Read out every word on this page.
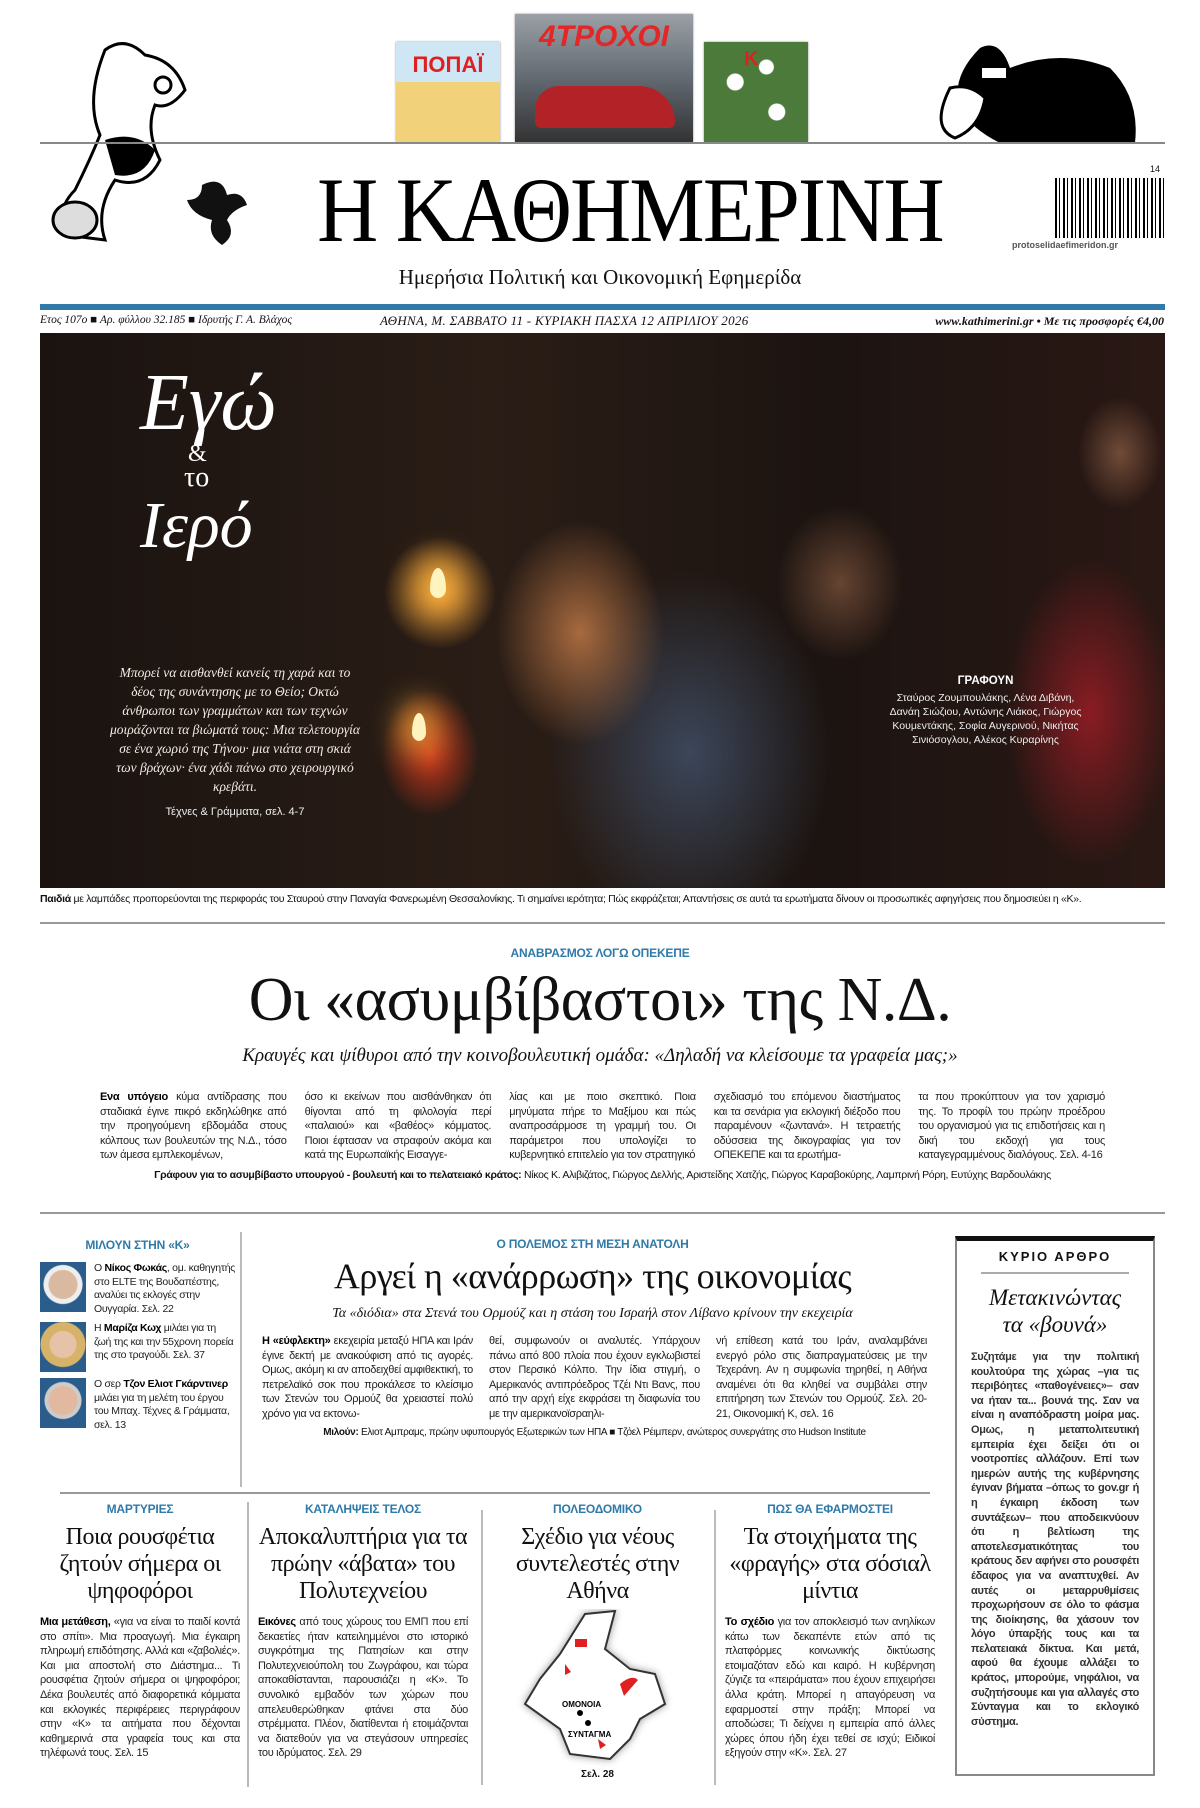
ΠΟΠΑΪ
4ΤΡΟΧΟΙ
Κ
Η ΚΑΘΗΜΕΡΙΝΗ	14
protoselidaefimeridon.gr
Ημερήσια Πολιτική και Οικονομική Εφημερίδα
Ετος 107ο ■ Αρ. φύλλου 32.185 ■ Ιδρυτής Γ. Α. Βλάχος	ΑΘΗΝΑ, Μ. ΣΑΒΒΑΤΟ 11 - ΚΥΡΙΑΚΗ ΠΑΣΧΑ 12 ΑΠΡΙΛΙΟΥ 2026	www.kathimerini.gr • Με τις προσφορές €4,00
Εγώ
&
το
Ιερό
Μπορεί να αισθανθεί κανείς τη χαρά και το δέος της συνάντησης με το Θείο; Οκτώ άνθρωποι των γραμμάτων και των τεχνών μοιράζονται τα βιώματά τους: Μια τελετουργία σε ένα χωριό της Τήνου· μια νιάτα στη σκιά των βράχων· ένα χάδι πάνω στο χειρουργικό κρεβάτι.
Τέχνες & Γράμματα, σελ. 4-7
ΓΡΑΦΟΥΝ
Σταύρος Ζουμπουλάκης, Λένα Διβάνη, Δανάη Σιώζιου, Αντώνης Λιάκος, Γιώργος Κουμεντάκης, Σοφία Αυγερινού, Νικήτας Σινιόσογλου, Αλέκος Κυραρίνης
Παιδιά με λαμπάδες προπορεύονται της περιφοράς του Σταυρού στην Παναγία Φανερωμένη Θεσσαλονίκης. Τι σημαίνει ιερότητα; Πώς εκφράζεται; Απαντήσεις σε αυτά τα ερωτήματα δίνουν οι προσωπικές αφηγήσεις που δημοσιεύει η «Κ».
ΑΝΑΒΡΑΣΜΟΣ ΛΟΓΩ ΟΠΕΚΕΠΕ
Οι «ασυμβίβαστοι» της Ν.Δ.
Κραυγές και ψίθυροι από την κοινοβουλευτική ομάδα: «Δηλαδή να κλείσουμε τα γραφεία μας;»
Ενα υπόγειο κύμα αντίδρασης που σταδιακά έγινε πικρό εκδηλώθηκε από την προηγούμενη εβδομάδα στους κόλπους των βουλευτών της Ν.Δ., τόσο των άμεσα εμπλεκομένων,
όσο κι εκείνων που αισθάνθηκαν ότι θίγονται από τη φιλολογία περί «παλαιού» και «βαθέος» κόμματος. Ποιοι έφτασαν να στραφούν ακόμα και κατά της Ευρωπαϊκής Εισαγγε-
λίας και με ποιο σκεπτικό. Ποια μηνύματα πήρε το Μαξίμου και πώς αναπροσάρμοσε τη γραμμή του. Οι παράμετροι που υπολογίζει το κυβερνητικό επιτελείο για τον στρατηγικό
σχεδιασμό του επόμενου διαστήματος και τα σενάρια για εκλογική διέξοδο που παραμένουν «ζωντανά». Η τετραετής οδύσσεια της δικογραφίας για τον ΟΠΕΚΕΠΕ και τα ερωτήμα-
τα που προκύπτουν για τον χαρισμό της. Το προφίλ του πρώην προέδρου του οργανισμού για τις επιδοτήσεις και η δική του εκδοχή για τους καταγεγραμμένους διαλόγους. Σελ. 4-16
Γράφουν για το ασυμβίβαστο υπουργού - βουλευτή και το πελατειακό κράτος: Νίκος Κ. Αλιβιζάτος, Γιώργος Δελλής, Αριστείδης Χατζής, Γιώργος Καραβοκύρης, Λαμπρινή Ρόρη, Ευτύχης Βαρδουλάκης
ΜΙΛΟΥΝ ΣΤΗΝ «Κ»
Ο Νίκος Φωκάς, ομ. καθηγητής στο ELTE της Βουδαπέστης, αναλύει τις εκλογές στην Ουγγαρία. Σελ. 22
Η Μαρίζα Κωχ μιλάει για τη ζωή της και την 55χρονη πορεία της στο τραγούδι. Σελ. 37
Ο σερ Τζον Ελιοτ Γκάρντινερ μιλάει για τη μελέτη του έργου του Μπαχ. Τέχνες & Γράμματα, σελ. 13
Ο ΠΟΛΕΜΟΣ ΣΤΗ ΜΕΣΗ ΑΝΑΤΟΛΗ
Αργεί η «ανάρρωση» της οικονομίας
Τα «διόδια» στα Στενά του Ορμούζ και η στάση του Ισραήλ στον Λίβανο κρίνουν την εκεχειρία
Η «εύφλεκτη» εκεχειρία μεταξύ ΗΠΑ και Ιράν έγινε δεκτή με ανακούφιση από τις αγορές. Ομως, ακόμη κι αν αποδειχθεί αμφιθεκτική, το πετρελαϊκό σοκ που προκάλεσε το κλείσιμο των Στενών του Ορμούζ θα χρειαστεί πολύ χρόνο για να εκτονω-
θεί, συμφωνούν οι αναλυτές. Υπάρχουν πάνω από 800 πλοία που έχουν εγκλωβιστεί στον Περσικό Κόλπο. Την ίδια στιγμή, ο Αμερικανός αντιπρόεδρος Τζέι Ντι Βανς, που από την αρχή είχε εκφράσει τη διαφωνία του με την αμερικανοϊσραηλι-
νή επίθεση κατά του Ιράν, αναλαμβάνει ενεργό ρόλο στις διαπραγματεύσεις με την Τεχεράνη. Αν η συμφωνία τηρηθεί, η Αθήνα αναμένει ότι θα κληθεί να συμβάλει στην επιτήρηση των Στενών του Ορμούζ. Σελ. 20-21, Οικονομική Κ, σελ. 16
Μιλούν: Ελιοτ Αμπραμς, πρώην υφυπουργός Εξωτερικών των ΗΠΑ ■ Τζόελ Ρέιμπερν, ανώτερος συνεργάτης στο Hudson Institute
ΚΥΡΙΟ ΑΡΘΡΟ
Μετακινώντας τα «βουνά»
Συζητάμε για την πολιτική κουλτούρα της χώρας –για τις περιβόητες «παθογένειες»– σαν να ήταν τα... βουνά της. Σαν να είναι η αναπόδραστη μοίρα μας. Ομως, η μεταπολιτευτική εμπειρία έχει δείξει ότι οι νοοτροπίες αλλάζουν. Επί των ημερών αυτής της κυβέρνησης έγιναν βήματα –όπως το gov.gr ή η έγκαιρη έκδοση των συντάξεων– που αποδεικνύουν ότι η βελτίωση της αποτελεσματικότητας του κράτους δεν αφήνει στο ρουσφέτι έδαφος για να αναπτυχθεί. Αν αυτές οι μεταρρυθμίσεις προχωρήσουν σε όλο το φάσμα της διοίκησης, θα χάσουν τον λόγο ύπαρξής τους και τα πελατειακά δίκτυα. Και μετά, αφού θα έχουμε αλλάξει το κράτος, μπορούμε, νηφάλιοι, να συζητήσουμε και για αλλαγές στο Σύνταγμα και το εκλογικό σύστημα.
ΜΑΡΤΥΡΙΕΣ
Ποια ρουσφέτια ζητούν σήμερα οι ψηφοφόροι
Μια μετάθεση, «για να είναι το παιδί κοντά στο σπίτι». Μια προαγωγή. Μια έγκαιρη πληρωμή επιδότησης. Αλλά και «ζαβολιές». Και μια αποστολή στο Διάστημα... Τι ρουσφέτια ζητούν σήμερα οι ψηφοφόροι; Δέκα βουλευτές από διαφορετικά κόμματα και εκλογικές περιφέρειες περιγράφουν στην «Κ» τα αιτήματα που δέχονται καθημερινά στα γραφεία τους και στα τηλέφωνά τους. Σελ. 15
ΚΑΤΑΛΗΨΕΙΣ ΤΕΛΟΣ
Αποκαλυπτήρια για τα πρώην «άβατα» του Πολυτεχνείου
Εικόνες από τους χώρους του ΕΜΠ που επί δεκαετίες ήταν κατειλημμένοι στο ιστορικό συγκρότημα της Πατησίων και στην Πολυτεχνειούπολη του Ζωγράφου, και τώρα αποκαθίστανται, παρουσιάζει η «Κ». Το συνολικό εμβαδόν των χώρων που απελευθερώθηκαν φτάνει στα δύο στρέμματα. Πλέον, διατίθενται ή ετοιμάζονται να διατεθούν για να στεγάσουν υπηρεσίες του ιδρύματος. Σελ. 29
ΠΟΛΕΟΔΟΜΙΚΟ
Σχέδιο για νέους συντελεστές στην Αθήνα
ΟΜΟΝΟΙΑ
ΣΥΝΤΑΓΜΑ
Σελ. 28
ΠΩΣ ΘΑ ΕΦΑΡΜΟΣΤΕΙ
Τα στοιχήματα της «φραγής» στα σόσιαλ μίντια
Το σχέδιο για τον αποκλεισμό των ανηλίκων κάτω των δεκαπέντε ετών από τις πλατφόρμες κοινωνικής δικτύωσης ετοιμαζόταν εδώ και καιρό. Η κυβέρνηση ζύγιζε τα «πειράματα» που έχουν επιχειρήσει άλλα κράτη. Μπορεί η απαγόρευση να εφαρμοστεί στην πράξη; Μπορεί να αποδώσει; Τι δείχνει η εμπειρία από άλλες χώρες όπου ήδη έχει τεθεί σε ισχύ; Ειδικοί εξηγούν στην «Κ». Σελ. 27
